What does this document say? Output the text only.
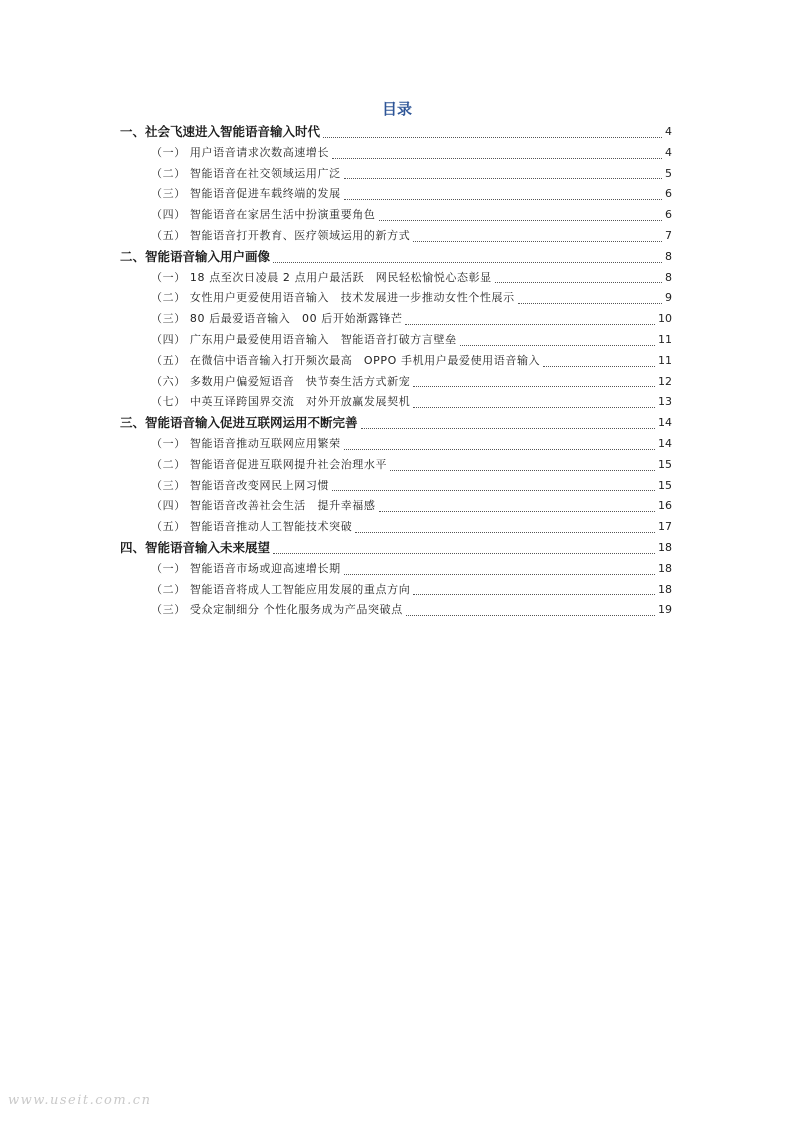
目录
一、社会飞速进入智能语音输入时代	4
（一） 用户语音请求次数高速增长	4
（二） 智能语音在社交领域运用广泛	5
（三） 智能语音促进车载终端的发展	6
（四） 智能语音在家居生活中扮演重要角色	6
（五） 智能语音打开教育、医疗领域运用的新方式	7
二、智能语音输入用户画像	8
（一） 18 点至次日凌晨 2 点用户最活跃　网民轻松愉悦心态彰显	8
（二） 女性用户更爱使用语音输入　技术发展进一步推动女性个性展示	9
（三） 80 后最爱语音输入　00 后开始渐露锋芒	10
（四） 广东用户最爱使用语音输入　智能语音打破方言壁垒	11
（五） 在微信中语音输入打开频次最高　OPPO 手机用户最爱使用语音输入	11
（六） 多数用户偏爱短语音　快节奏生活方式新宠	12
（七） 中英互译跨国界交流　对外开放赢发展契机	13
三、智能语音输入促进互联网运用不断完善	14
（一） 智能语音推动互联网应用繁荣	14
（二） 智能语音促进互联网提升社会治理水平	15
（三） 智能语音改变网民上网习惯	15
（四） 智能语音改善社会生活　提升幸福感	16
（五） 智能语音推动人工智能技术突破	17
四、智能语音输入未来展望	18
（一） 智能语音市场或迎高速增长期	18
（二） 智能语音将成人工智能应用发展的重点方向	18
（三） 受众定制细分 个性化服务成为产品突破点	19
www.useit.com.cn
